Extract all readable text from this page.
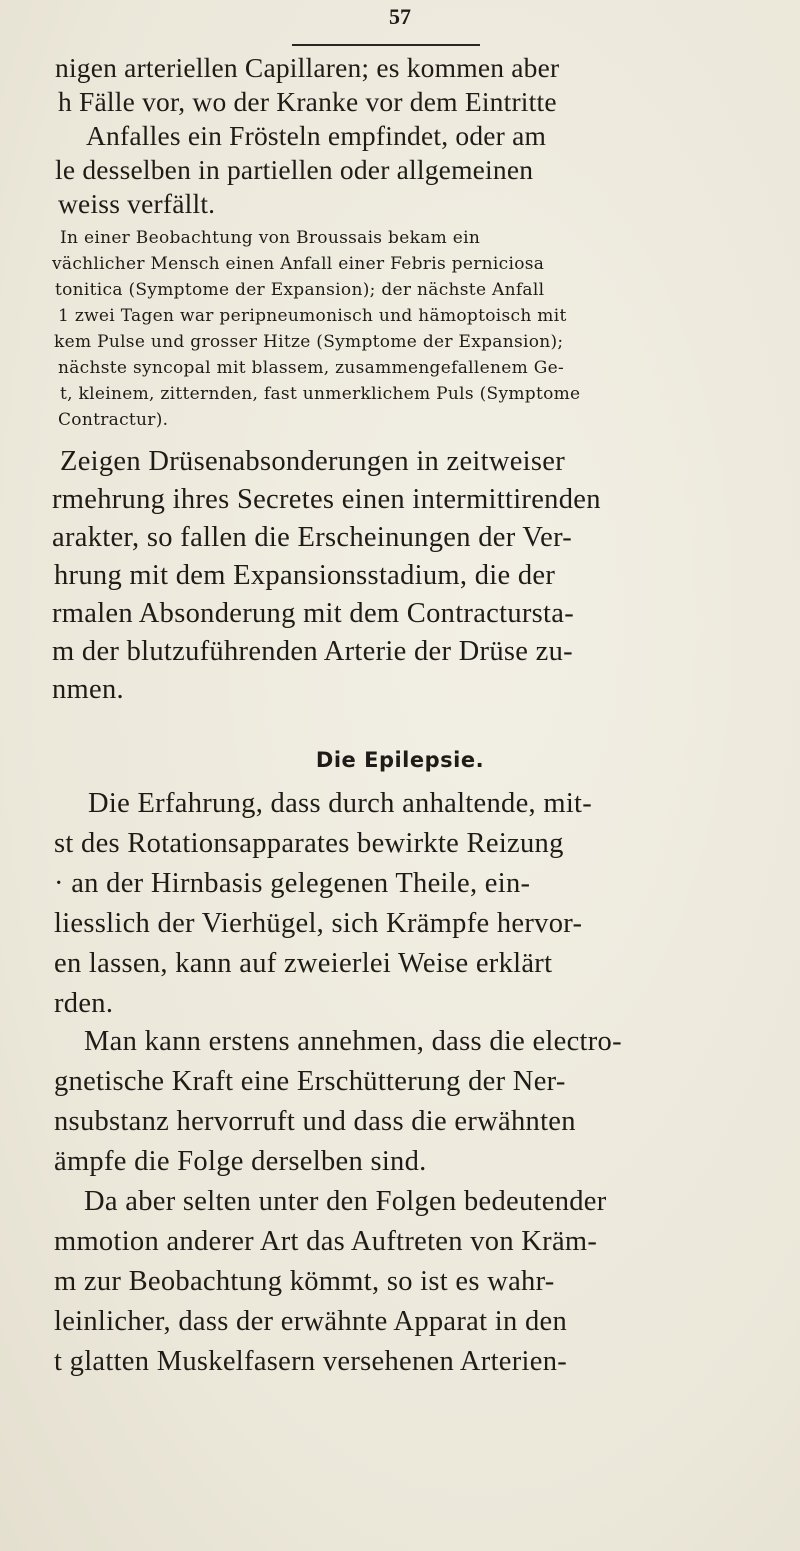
57
nigen arteriellen Capillaren; es kommen aber
h Fälle vor, wo der Kranke vor dem Eintritte
Anfalles ein Frösteln empfindet, oder am
le desselben in partiellen oder allgemeinen
weiss verfällt.
In einer Beobachtung von Broussais bekam ein
vächlicher Mensch einen Anfall einer Febris perniciosa
tonitica (Symptome der Expansion); der nächste Anfall
1 zwei Tagen war peripneumonisch und hämoptoisch mit
kem Pulse und grosser Hitze (Symptome der Expansion);
nächste syncopal mit blassem, zusammengefallenem Ge-
t, kleinem, zitternden, fast unmerklichem Puls (Symptome
Contractur).
Zeigen Drüsenabsonderungen in zeitweiser
rmehrung ihres Secretes einen intermittirenden
arakter, so fallen die Erscheinungen der Ver-
hrung mit dem Expansionsstadium, die der
rmalen Absonderung mit dem Contractursta-
m der blutzuführenden Arterie der Drüse zu-
nmen.
Die Epilepsie.
Die Erfahrung, dass durch anhaltende, mit-
st des Rotationsapparates bewirkte Reizung
· an der Hirnbasis gelegenen Theile, ein-
liesslich der Vierhügel, sich Krämpfe hervor-
en lassen, kann auf zweierlei Weise erklärt
rden.
Man kann erstens annehmen, dass die electro-
gnetische Kraft eine Erschütterung der Ner-
nsubstanz hervorruft und dass die erwähnten
ämpfe die Folge derselben sind.
Da aber selten unter den Folgen bedeutender
mmotion anderer Art das Auftreten von Kräm-
m zur Beobachtung kömmt, so ist es wahr-
leinlicher, dass der erwähnte Apparat in den
t glatten Muskelfasern versehenen Arterien-
